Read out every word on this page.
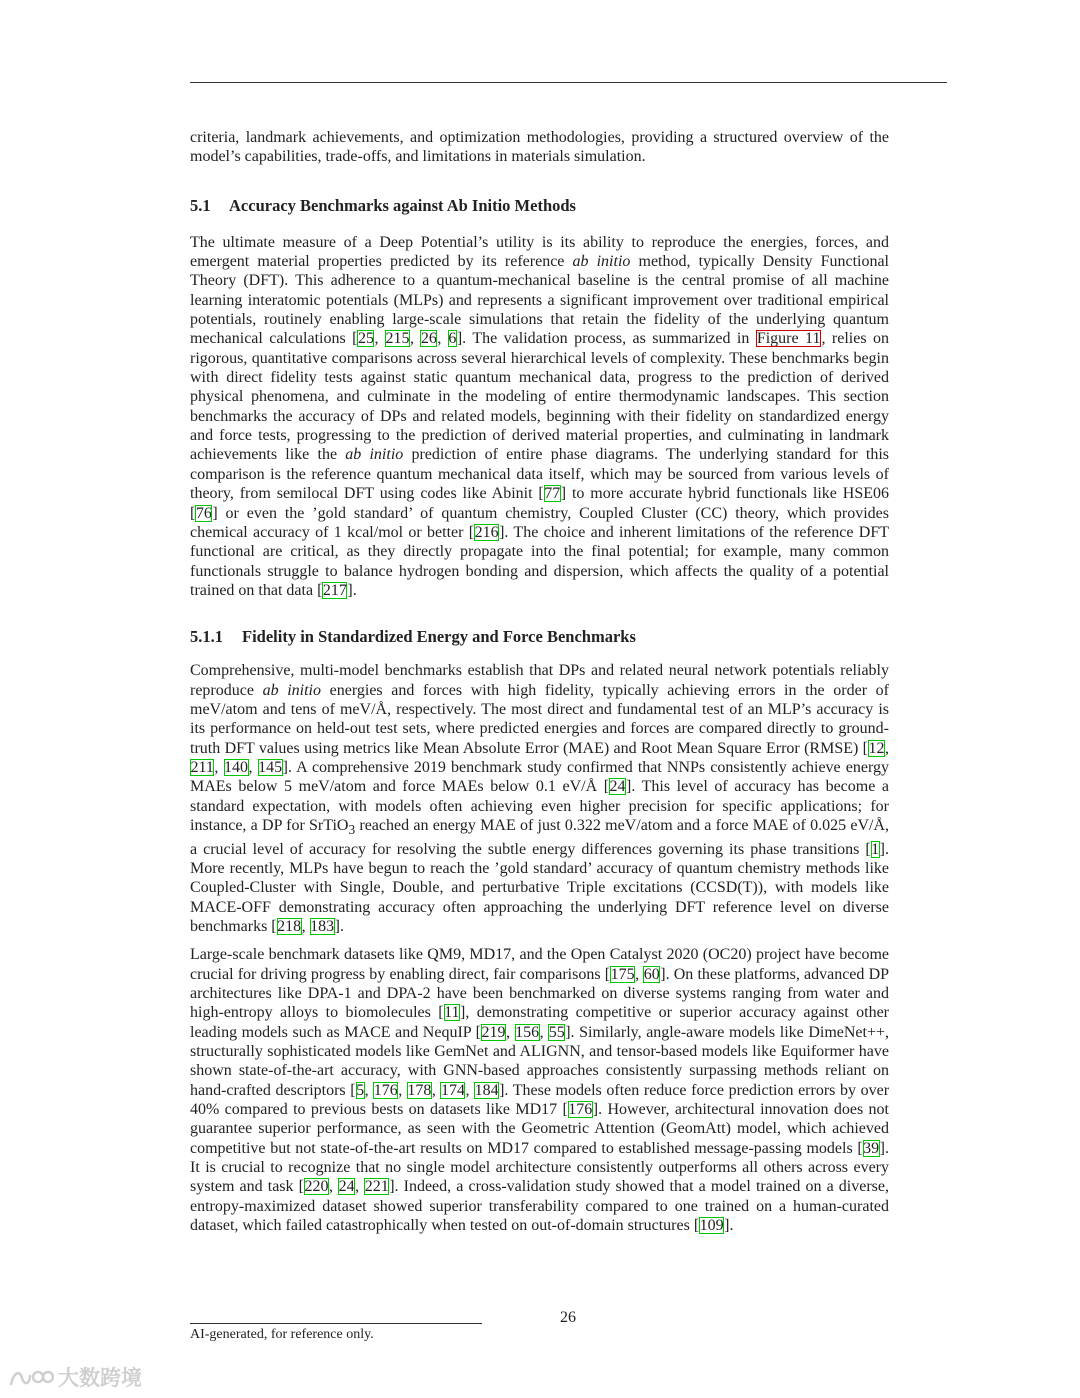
criteria, landmark achievements, and optimization methodologies, providing a structured overview of the model’s capabilities, trade-offs, and limitations in materials simulation.

5.1 Accuracy Benchmarks against Ab Initio Methods

The ultimate measure of a Deep Potential’s utility is its ability to reproduce the energies, forces, and emergent material properties predicted by its reference ab initio method, typically Density Functional Theory (DFT). This adherence to a quantum-mechanical baseline is the central promise of all machine learning interatomic potentials (MLPs) and represents a significant improvement over traditional empirical potentials, routinely enabling large-scale simulations that retain the fidelity of the underlying quantum mechanical calculations [25, 215, 26, 6]. The validation process, as summarized in Figure 11, relies on rigorous, quantitative comparisons across several hierarchical levels of complexity. These benchmarks begin with direct fidelity tests against static quantum mechanical data, progress to the prediction of derived physical phenomena, and culminate in the modeling of entire thermodynamic landscapes. This section benchmarks the accuracy of DPs and related models, beginning with their fidelity on standardized energy and force tests, progressing to the prediction of derived material properties, and culminating in landmark achievements like the ab initio prediction of entire phase diagrams. The underlying standard for this comparison is the reference quantum mechanical data itself, which may be sourced from various levels of theory, from semilocal DFT using codes like Abinit [77] to more accurate hybrid functionals like HSE06 [76] or even the ’gold standard’ of quantum chemistry, Coupled Cluster (CC) theory, which provides chemical accuracy of 1 kcal/mol or better [216]. The choice and inherent limitations of the reference DFT functional are critical, as they directly propagate into the final potential; for example, many common functionals struggle to balance hydrogen bonding and dispersion, which affects the quality of a potential trained on that data [217].

5.1.1 Fidelity in Standardized Energy and Force Benchmarks

Comprehensive, multi-model benchmarks establish that DPs and related neural network potentials reliably reproduce ab initio energies and forces with high fidelity, typically achieving errors in the order of meV/atom and tens of meV/Å, respectively. The most direct and fundamental test of an MLP’s accuracy is its performance on held-out test sets, where predicted energies and forces are compared directly to ground-truth DFT values using metrics like Mean Absolute Error (MAE) and Root Mean Square Error (RMSE) [12, 211, 140, 145]. A comprehensive 2019 benchmark study confirmed that NNPs consistently achieve energy MAEs below 5 meV/atom and force MAEs below 0.1 eV/Å [24]. This level of accuracy has become a standard expectation, with models often achieving even higher precision for specific applications; for instance, a DP for SrTiO$_3$ reached an energy MAE of just 0.322 meV/atom and a force MAE of 0.025 eV/Å, a crucial level of accuracy for resolving the subtle energy differences governing its phase transitions [1]. More recently, MLPs have begun to reach the ’gold standard’ accuracy of quantum chemistry methods like Coupled-Cluster with Single, Double, and perturbative Triple excitations (CCSD(T)), with models like MACE-OFF demonstrating accuracy often approaching the underlying DFT reference level on diverse benchmarks [218, 183].

Large-scale benchmark datasets like QM9, MD17, and the Open Catalyst 2020 (OC20) project have become crucial for driving progress by enabling direct, fair comparisons [175, 60]. On these platforms, advanced DP architectures like DPA-1 and DPA-2 have been benchmarked on diverse systems ranging from water and high-entropy alloys to biomolecules [11], demonstrating competitive or superior accuracy against other leading models such as MACE and NequIP [219, 156, 55]. Similarly, angle-aware models like DimeNet++, structurally sophisticated models like GemNet and ALIGNN, and tensor-based models like Equiformer have shown state-of-the-art accuracy, with GNN-based approaches consistently surpassing methods reliant on hand-crafted descriptors [5, 176, 178, 174, 184]. These models often reduce force prediction errors by over 40% compared to previous bests on datasets like MD17 [176]. However, architectural innovation does not guarantee superior performance, as seen with the Geometric Attention (GeomAtt) model, which achieved competitive but not state-of-the-art results on MD17 compared to established message-passing models [39]. It is crucial to recognize that no single model architecture consistently outperforms all others across every system and task [220, 24, 221]. Indeed, a cross-validation study showed that a model trained on a diverse, entropy-maximized dataset showed superior transferability compared to one trained on a human-curated dataset, which failed catastrophically when tested on out-of-domain structures [109].

26
AI-generated, for reference only.
大数跨境
